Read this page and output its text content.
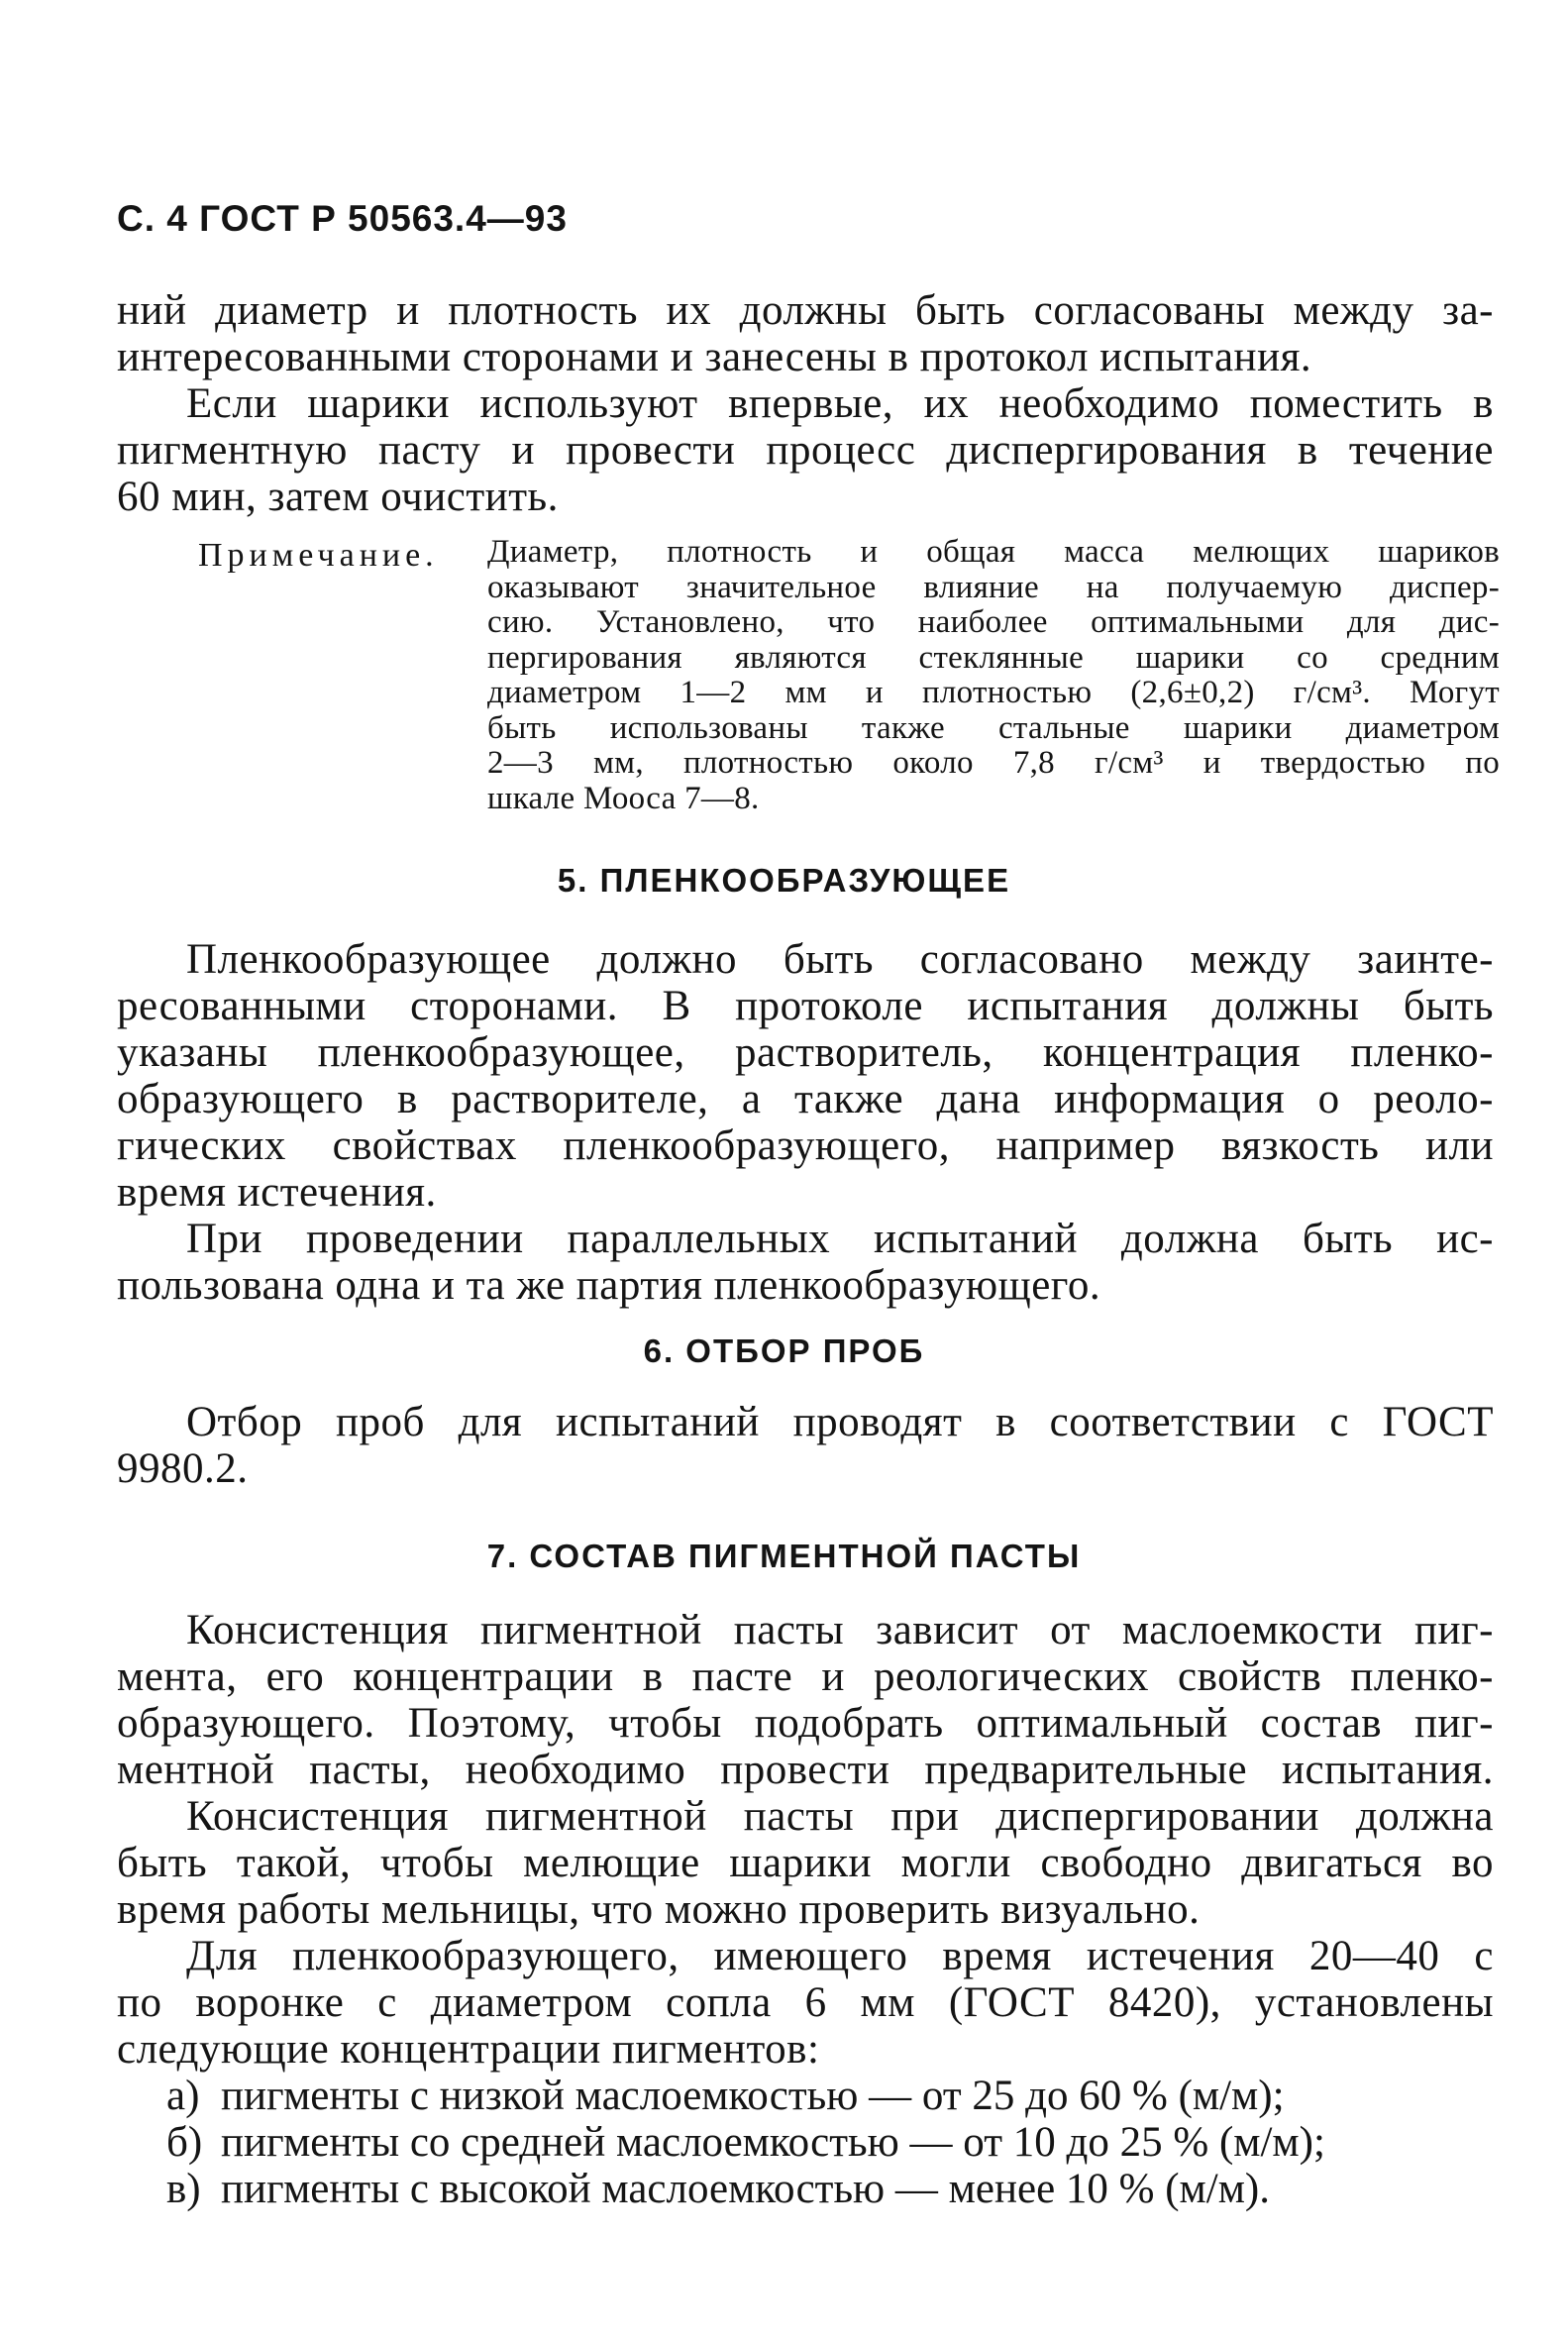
С. 4 ГОСТ Р 50563.4—93
ний диаметр и плотность их должны быть согласованы между за-
интересованными сторонами и занесены в протокол испытания.
Если шарики используют впервые, их необходимо поместить в
пигментную пасту и провести процесс диспергирования в течение
60 мин, затем очистить.
Примечание. Диаметр, плотность и общая масса мелющих шариков
оказывают значительное влияние на получаемую диспер-
сию. Установлено, что наиболее оптимальными для дис-
пергирования являются стеклянные шарики со средним
диаметром 1—2 мм и плотностью (2,6±0,2) г/см³. Могут
быть использованы также стальные шарики диаметром
2—3 мм, плотностью около 7,8 г/см³ и твердостью по
шкале Мооса 7—8.
5. ПЛЕНКООБРАЗУЮЩЕЕ
Пленкообразующее должно быть согласовано между заинте-
ресованными сторонами. В протоколе испытания должны быть
указаны пленкообразующее, растворитель, концентрация пленко-
образующего в растворителе, а также дана информация о реоло-
гических свойствах пленкообразующего, например вязкость или
время истечения.
При проведении параллельных испытаний должна быть ис-
пользована одна и та же партия пленкообразующего.
6. ОТБОР ПРОБ
Отбор проб для испытаний проводят в соответствии с ГОСТ
9980.2.
7. СОСТАВ ПИГМЕНТНОЙ ПАСТЫ
Консистенция пигментной пасты зависит от маслоемкости пиг-
мента, его концентрации в пасте и реологических свойств пленко-
образующего. Поэтому, чтобы подобрать оптимальный состав пиг-
ментной пасты, необходимо провести предварительные испытания.
Консистенция пигментной пасты при диспергировании должна
быть такой, чтобы мелющие шарики могли свободно двигаться во
время работы мельницы, что можно проверить визуально.
Для пленкообразующего, имеющего время истечения 20—40 с
по воронке с диаметром сопла 6 мм (ГОСТ 8420), установлены
следующие концентрации пигментов:
а) пигменты с низкой маслоемкостью — от 25 до 60 % (м/м);
б) пигменты со средней маслоемкостью — от 10 до 25 % (м/м);
в) пигменты с высокой маслоемкостью — менее 10 % (м/м).
